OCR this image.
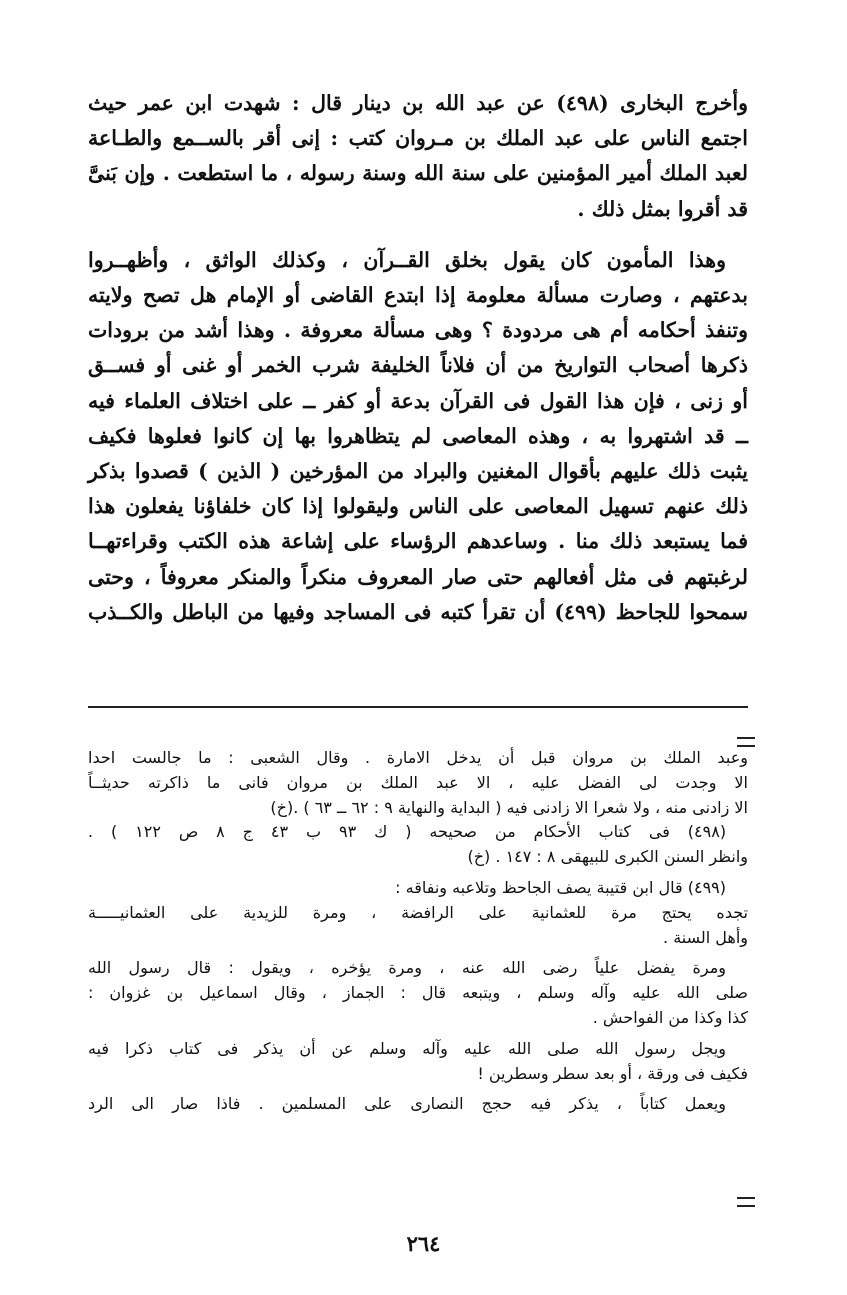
وأخرج البخارى (٤٩٨) عن عبد الله بن دينار قال : شهدت ابن عمر حيث
اجتمع الناس على عبد الملك بن مـروان كتب : إنى أقر بالســمع والطـاعة
لعبد الملك أمير المؤمنين على سنة الله وسنة رسوله ، ما استطعت . وإن بَنىَّ
قد أقروا بمثل ذلك .
وهذا المأمون كان يقول بخلق القــرآن ، وكذلك الواثق ، وأظهــروا
بدعتهم ، وصارت مسألة معلومة إذا ابتدع القاضى أو الإمام هل تصح ولايته
وتنفذ أحكامه أم هى مردودة ؟ وهى مسألة معروفة . وهذا أشد من برودات
ذكرها أصحاب التواريخ من أن فلاناً الخليفة شرب الخمر أو غنى أو فســق
أو زنى ، فإن هذا القول فى القرآن بدعة أو كفر ــ على اختلاف العلماء فيه
ــ قد اشتهروا به ، وهذه المعاصى لم يتظاهروا بها إن كانوا فعلوها فكيف
يثبت ذلك عليهم بأقوال المغنين والبراد من المؤرخين ( الذين ) قصدوا بذكر
ذلك عنهم تسهيل المعاصى على الناس وليقولوا إذا كان خلفاؤنا يفعلون هذا
فما يستبعد ذلك منا . وساعدهم الرؤساء على إشاعة هذه الكتب وقراءتهــا
لرغبتهم فى مثل أفعالهم حتى صار المعروف منكراً والمنكر معروفاً ، وحتى
سمحوا للجاحظ (٤٩٩) أن تقرأ كتبه فى المساجد وفيها من الباطل والكــذب
وعبد الملك بن مروان قبل أن يدخل الامارة . وقال الشعبى : ما جالست احدا
الا وجدت لى الفضل عليه ، الا عبد الملك بن مروان فانى ما ذاكرته حديثــاً
الا زادنى منه ، ولا شعرا الا زادنى فيه ( البداية والنهاية ٩ : ٦٢ ــ ٦٣ ) .(خ)
(٤٩٨) فى كتاب الأحكام من صحيحه ( ك ٩٣ ب ٤٣ ج ٨ ص ١٢٢ ) .
وانظر السنن الكبرى للبيهقى ٨ : ١٤٧ . (خ)
(٤٩٩) قال ابن قتيبة يصف الجاحظ وتلاعبه ونفاقه :
تجده يحتج مرة للعثمانية على الرافضة ، ومرة للزيدية على العثمانيـــــة
وأهل السنة .
ومرة يفضل علياً رضى الله عنه ، ومرة يؤخره ، ويقول : قال رسول الله
صلى الله عليه وآله وسلم ، ويتبعه قال : الجماز ، وقال اسماعيل بن غزوان :
كذا وكذا من الفواحش .
ويجل رسول الله صلى الله عليه وآله وسلم عن أن يذكر فى كتاب ذكرا فيه
فكيف فى ورقة ، أو بعد سطر وسطرين !
ويعمل كتاباً ، يذكر فيه حجج النصارى على المسلمين . فاذا صار الى الرد
٢٦٤
